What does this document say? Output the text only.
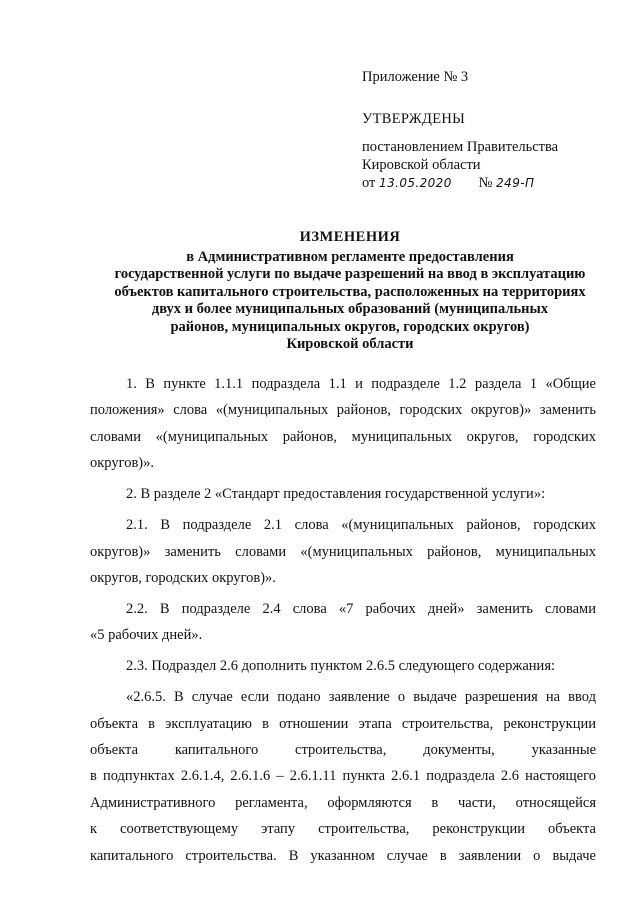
Приложение № 3
УТВЕРЖДЕНЫ
постановлением Правительства
Кировской области
от 13.05.2020 № 249-П
ИЗМЕНЕНИЯ
в Административном регламенте предоставления
государственной услуги по выдаче разрешений на ввод в эксплуатацию
объектов капитального строительства, расположенных на территориях
двух и более муниципальных образований (муниципальных
районов, муниципальных округов, городских округов)
Кировской области
1. В пункте 1.1.1 подраздела 1.1 и подразделе 1.2 раздела 1 «Общие
положения» слова «(муниципальных районов, городских округов)» заменить
словами «(муниципальных районов, муниципальных округов, городских
округов)».
2. В разделе 2 «Стандарт предоставления государственной услуги»:
2.1. В подразделе 2.1 слова «(муниципальных районов, городских
округов)» заменить словами «(муниципальных районов, муниципальных
округов, городских округов)».
2.2. В подразделе 2.4 слова «7 рабочих дней» заменить словами
«5 рабочих дней».
2.3. Подраздел 2.6 дополнить пунктом 2.6.5 следующего содержания:
«2.6.5. В случае если подано заявление о выдаче разрешения на ввод
объекта в эксплуатацию в отношении этапа строительства, реконструкции
объекта капитального строительства, документы, указанные
в подпунктах 2.6.1.4, 2.6.1.6 – 2.6.1.11 пункта 2.6.1 подраздела 2.6 настоящего
Административного регламента, оформляются в части, относящейся
к соответствующему этапу строительства, реконструкции объекта
капитального строительства. В указанном случае в заявлении о выдаче
